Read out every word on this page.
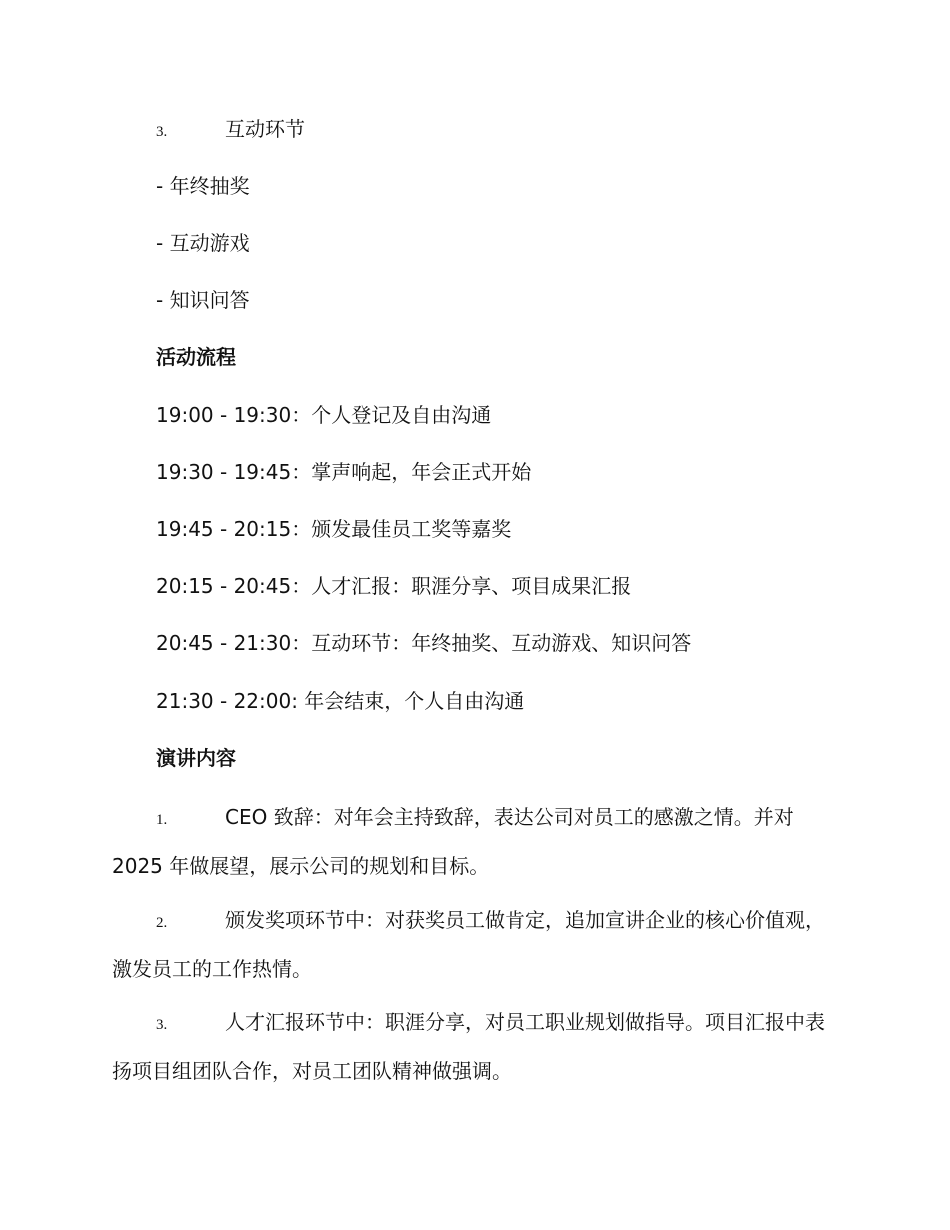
3.	互动环节
- 年终抽奖
- 互动游戏
- 知识问答
活动流程
19:00 - 19:30：个人登记及自由沟通
19:30 - 19:45：掌声响起，年会正式开始
19:45 - 20:15：颁发最佳员工奖等嘉奖
20:15 - 20:45：人才汇报：职涯分享、项目成果汇报
20:45 - 21:30：互动环节：年终抽奖、互动游戏、知识问答
21:30 - 22:00: 年会结束，个人自由沟通
演讲内容
1.	CEO 致辞：对年会主持致辞，表达公司对员工的感激之情。并对 2025 年做展望，展示公司的规划和目标。
2.	颁发奖项环节中：对获奖员工做肯定，追加宣讲企业的核心价值观，激发员工的工作热情。
3.	人才汇报环节中：职涯分享，对员工职业规划做指导。项目汇报中表扬项目组团队合作，对员工团队精神做强调。
